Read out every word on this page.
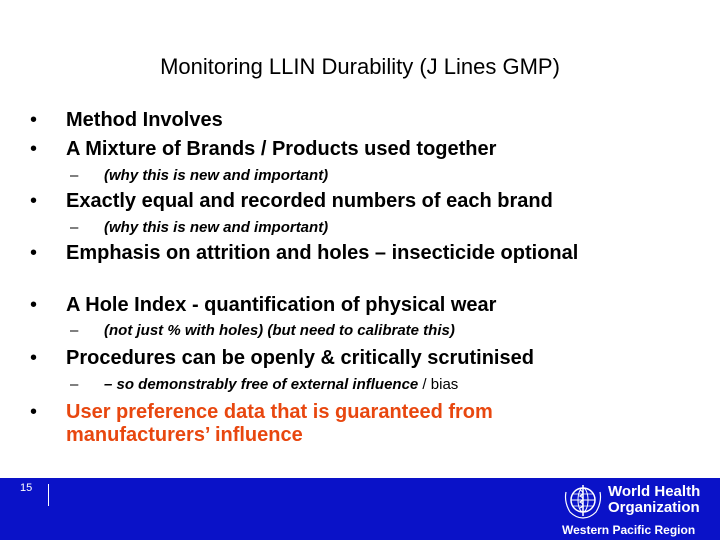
Monitoring LLIN Durability (J Lines GMP)
• Method Involves
• A Mixture of Brands / Products used together
– (why this is new and important)
• Exactly equal and recorded numbers of each brand
– (why this is new and important)
• Emphasis on attrition and holes – insecticide optional
• A Hole Index - quantification of physical wear
– (not just % with holes) (but need to calibrate this)
• Procedures can be openly & critically scrutinised
– – so demonstrably free of external influence / bias
• User preference data that is guaranteed from manufacturers’ influence
World Health
Organization
Western Pacific Region
15
